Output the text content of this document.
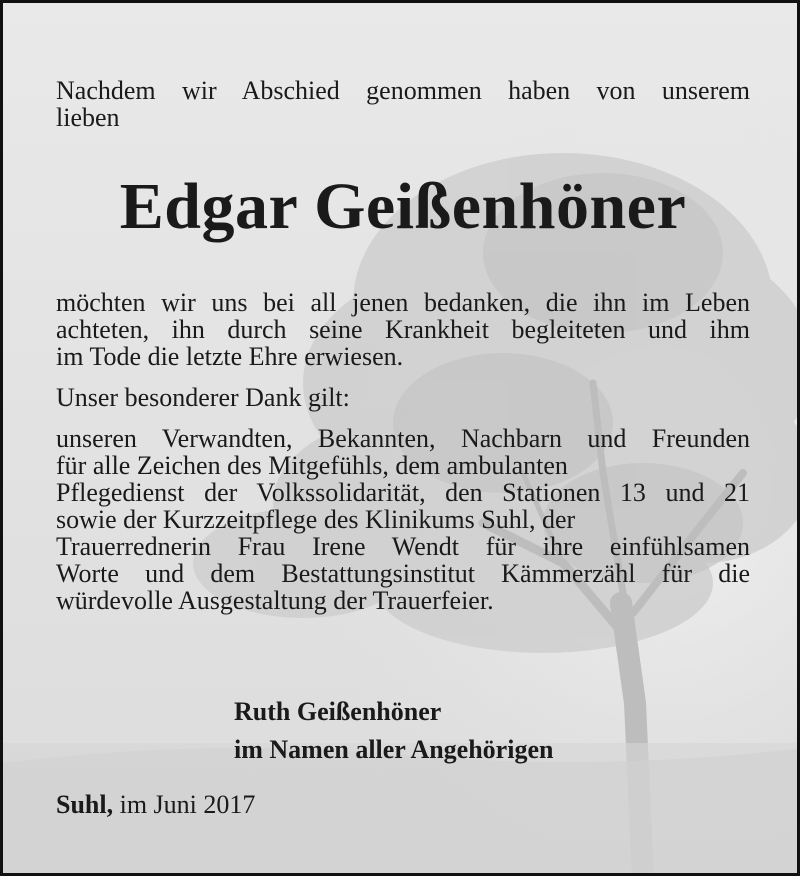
Nachdem wir Abschied genommen haben von unserem
lieben
Edgar Geißenhöner
möchten wir uns bei all jenen bedanken, die ihn im Leben
achteten, ihn durch seine Krankheit begleiteten und ihm
im Tode die letzte Ehre erwiesen.
Unser besonderer Dank gilt:
unseren Verwandten, Bekannten, Nachbarn und Freunden
für alle Zeichen des Mitgefühls, dem ambulanten
Pflegedienst der Volkssolidarität, den Stationen 13 und 21
sowie der Kurzzeitpflege des Klinikums Suhl, der
Trauerrednerin Frau Irene Wendt für ihre einfühlsamen
Worte und dem Bestattungsinstitut Kämmerzähl für die
würdevolle Ausgestaltung der Trauerfeier.
Ruth Geißenhöner
im Namen aller Angehörigen
Suhl, im Juni 2017
